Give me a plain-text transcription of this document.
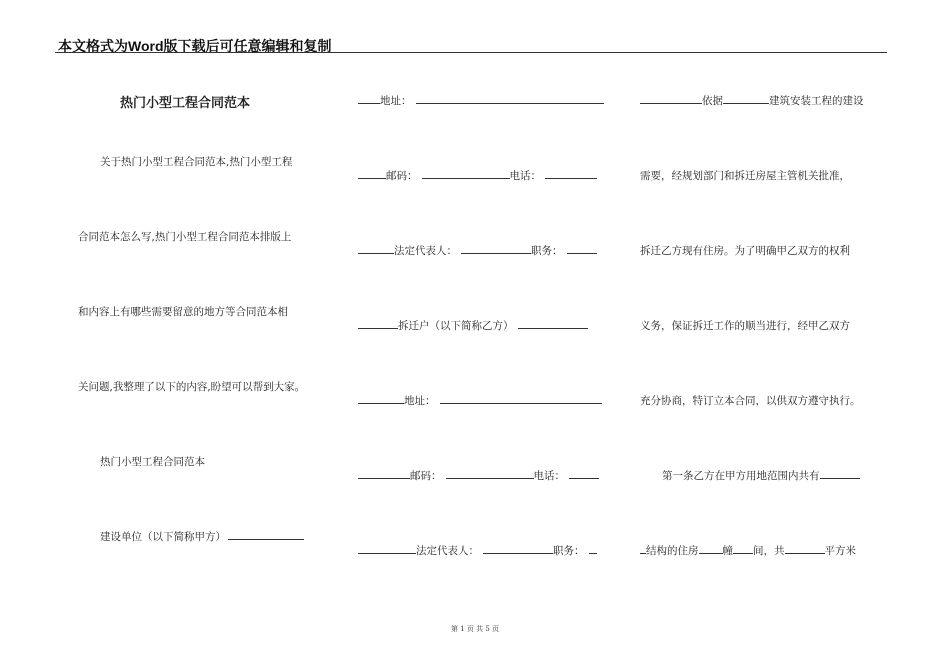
本文格式为Word版下载后可任意编辑和复制
热门小型工程合同范本
关于热门小型工程合同范本,热门小型工程
合同范本怎么写,热门小型工程合同范本排版上
和内容上有哪些需要留意的地方等合同范本相
关问题,我整理了以下的内容,盼望可以帮到大家。
热门小型工程合同范本
建设单位（以下简称甲方）
地址：
邮码：	电话：
法定代表人：	职务：
拆迁户（以下简称乙方）
地址：
邮码：	电话：
法定代表人：	职务：
依据	建筑安装工程的建设
需要，经规划部门和拆迁房屋主管机关批准，
拆迁乙方现有住房。为了明确甲乙双方的权利
义务，保证拆迁工作的顺当进行，经甲乙双方
充分协商，特订立本合同，以供双方遵守执行。
第一条乙方在甲方用地范围内共有
结构的住房 幢 间，共	平方米
第 1 页 共 5 页
